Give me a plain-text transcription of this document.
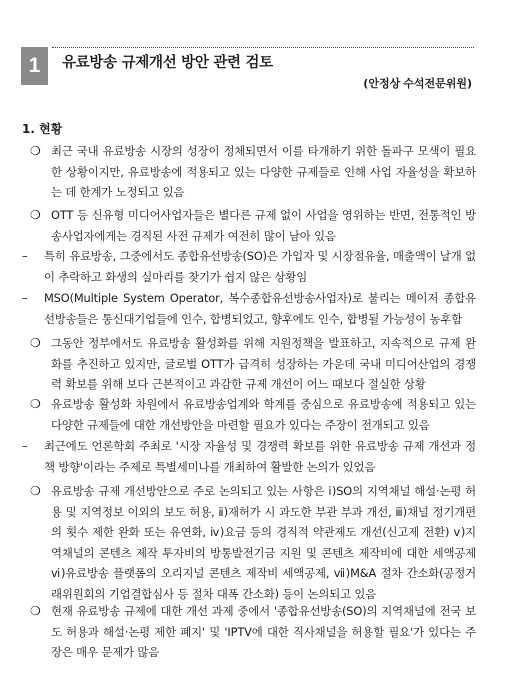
1	유료방송 규제개선 방안 관련 검토
(안정상 수석전문위원)
1. 현황
❍ 최근 국내 유료방송 시장의 성장이 정체되면서 이를 타개하기 위한 돌파구 모색이 필요한 상황이지만, 유료방송에 적용되고 있는 다양한 규제들로 인해 사업 자율성을 확보하는 데 한계가 노정되고 있음
❍ OTT 등 신유형 미디어사업자들은 별다른 규제 없이 사업을 영위하는 반면, 전통적인 방송사업자에게는 경직된 사전 규제가 여전히 많이 남아 있음
– 특히 유료방송, 그중에서도 종합유선방송(SO)은 가입자 및 시장점유율, 매출액이 날개 없이 추락하고 화생의 실마리를 찾기가 쉽지 않은 상황임
– MSO(Multiple System Operator, 복수종합유선방송사업자)로 불리는 메이저 종합유선방송들은 통신대기업들에 인수, 합병되었고, 향후에도 인수, 합병될 가능성이 농후함
❍ 그동안 정부에서도 유료방송 활성화를 위해 지원정책을 발표하고, 지속적으로 규제 완화를 추진하고 있지만, 글로벌 OTT가 급격히 성장하는 가운데 국내 미디어산업의 경쟁력 확보를 위해 보다 근본적이고 과감한 규제 개선이 어느 때보다 절실한 상황
❍ 유료방송 활성화 차원에서 유료방송업계와 학계를 중심으로 유료방송에 적용되고 있는 다양한 규제들에 대한 개선방안을 마련할 필요가 있다는 주장이 전개되고 있음
– 최근에도 언론학회 주최로 '시장 자율성 및 경쟁력 확보를 위한 유료방송 규제 개선과 정책 방향'이라는 주제로 특별세미나를 개최하여 활발한 논의가 있었음
❍ 유료방송 규제 개선방안으로 주로 논의되고 있는 사항은 ⅰ)SO의 지역채널 해설·논평 허용 및 지역정보 이외의 보도 허용, ⅱ)재허가 시 과도한 부관 부과 개선, ⅲ)채널 정기개편의 횟수 제한 완화 또는 유연화, ⅳ)요금 등의 경직적 약관제도 개선(신고제 전환) ⅴ)지역채널의 콘텐츠 제작 투자비의 방통발전기금 지원 및 콘텐츠 제작비에 대한 세액공제 ⅵ)유료방송 플랫폼의 오리지널 콘텐츠 제작비 세액공제, ⅶ)M&A 절차 간소화(공정거래위원회의 기업결합심사 등 절차 대폭 간소화) 등이 논의되고 있음
❍ 현재 유료방송 규제에 대한 개선 과제 중에서 '종합유선방송(SO)의 지역채널에 전국 보도 허용과 해설·논평 제한 폐지' 및 'IPTV에 대한 직사채널을 허용할 필요'가 있다는 주장은 매우 문제가 많음
